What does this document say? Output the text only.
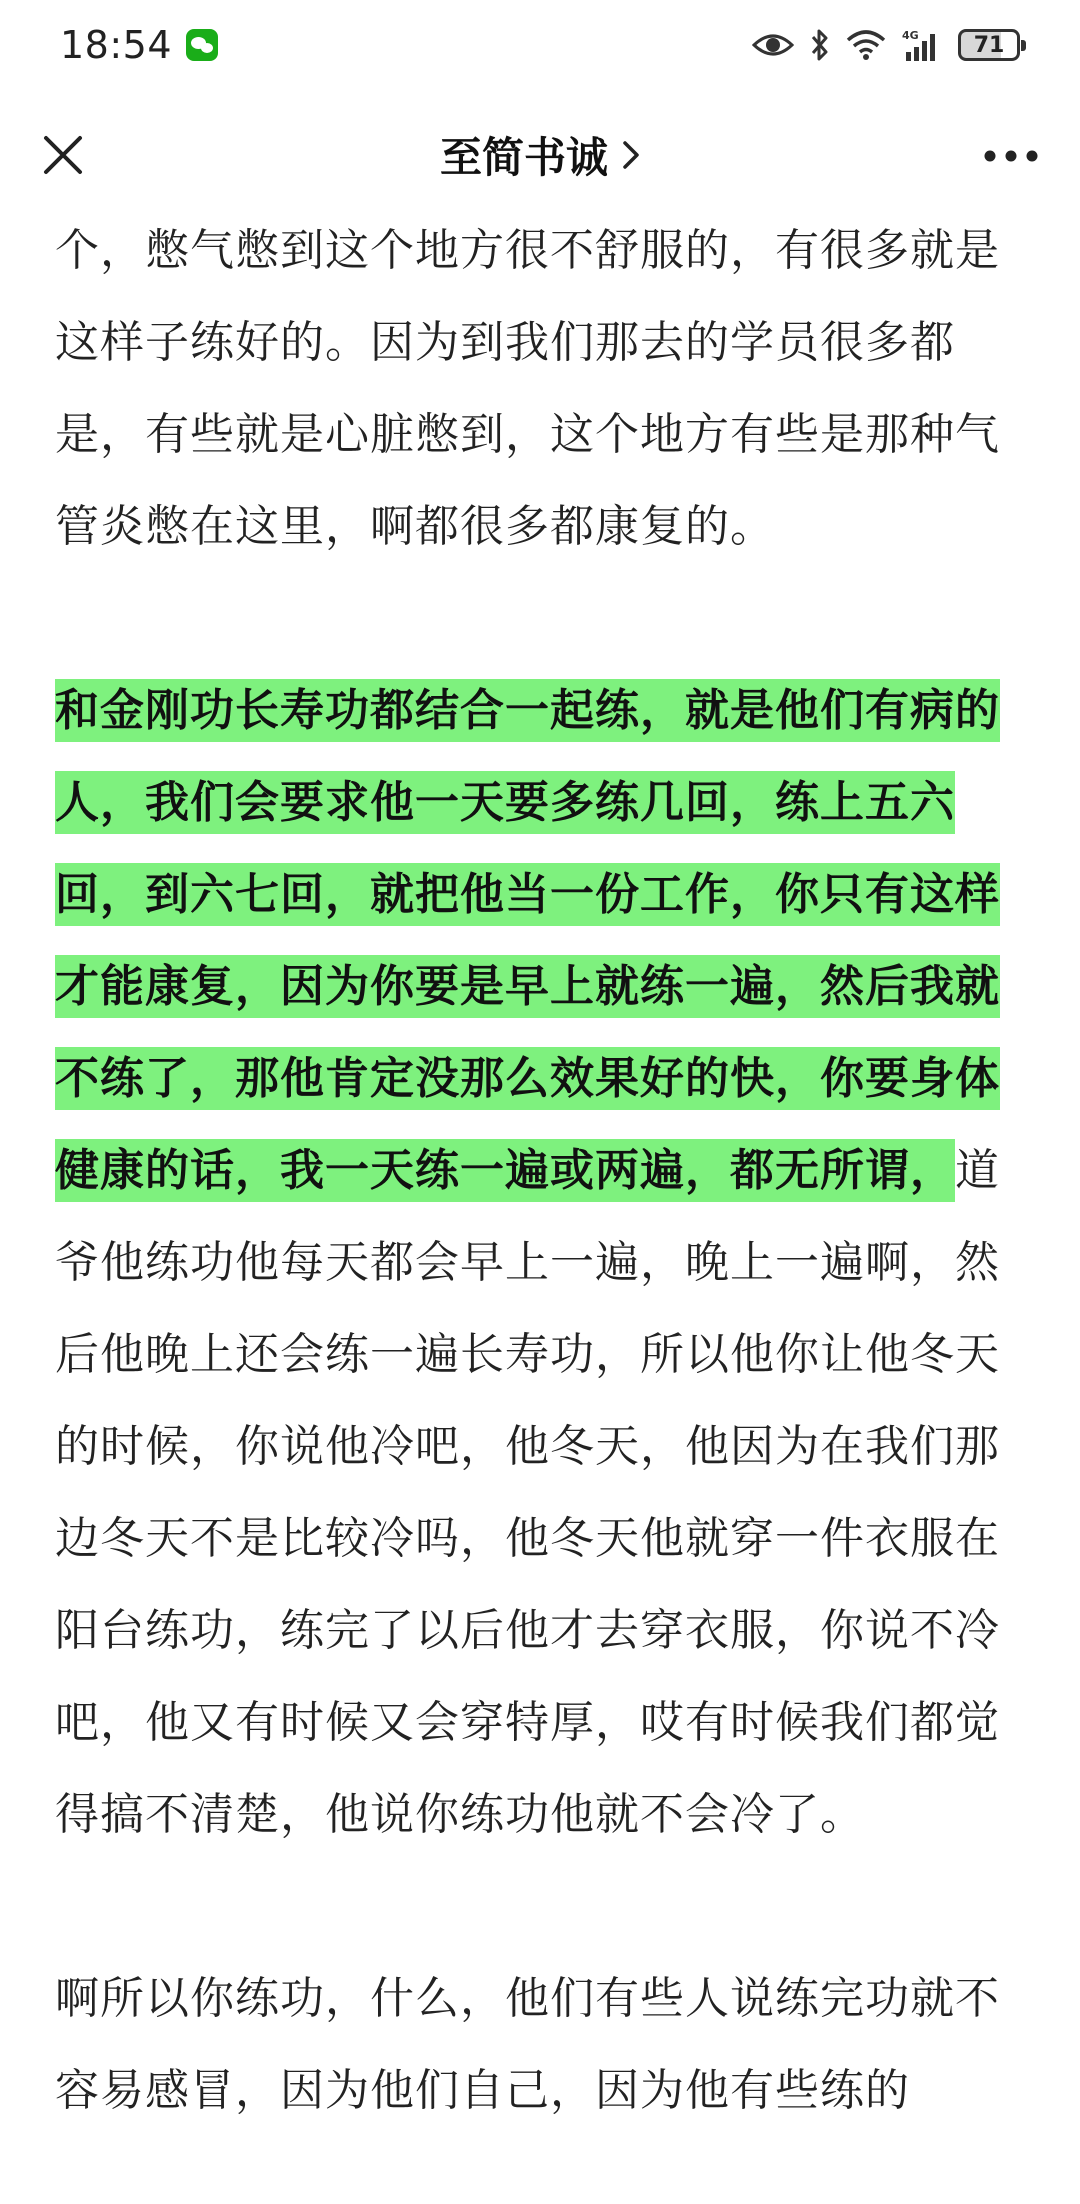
18:54	4G	71
至简书诚

个，憋气憋到这个地方很不舒服的，有很多就是这样子练好的。因为到我们那去的学员很多都是，有些就是心脏憋到，这个地方有些是那种气管炎憋在这里，啊都很多都康复的。

和金刚功长寿功都结合一起练，就是他们有病的人，我们会要求他一天要多练几回，练上五六回，到六七回，就把他当一份工作，你只有这样才能康复，因为你要是早上就练一遍，然后我就不练了，那他肯定没那么效果好的快，你要身体健康的话，我一天练一遍或两遍，都无所谓，道爷他练功他每天都会早上一遍，晚上一遍啊，然后他晚上还会练一遍长寿功，所以他你让他冬天的时候，你说他冷吧，他冬天，他因为在我们那边冬天不是比较冷吗，他冬天他就穿一件衣服在阳台练功，练完了以后他才去穿衣服，你说不冷吧，他又有时候又会穿特厚，哎有时候我们都觉得搞不清楚，他说你练功他就不会冷了。

啊所以你练功，什么，他们有些人说练完功就不容易感冒，因为他们自己，因为他有些练的
